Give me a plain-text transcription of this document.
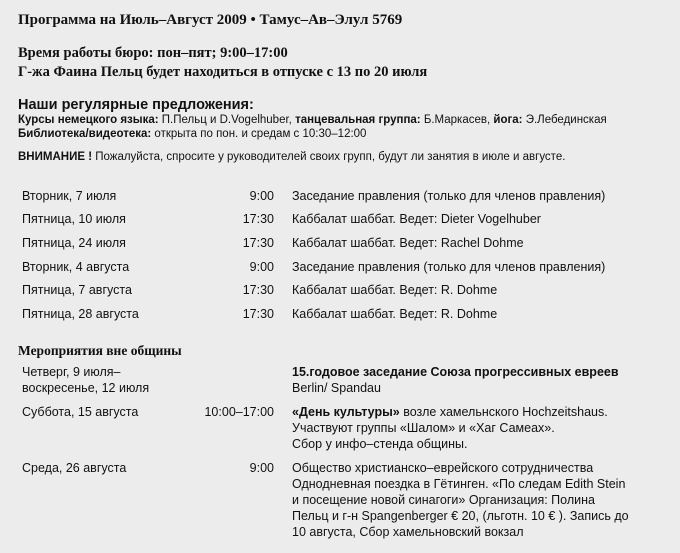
Программа на Июль–Август 2009 • Тамус–Ав–Элул 5769
Время работы бюро: пон–пят; 9:00–17:00
Г-жа Фаина Пельц будет находиться в отпуске с 13 по 20 июля
Наши регулярные предложения:
Курсы немецкого языка: П.Пельц и D.Vogelhuber, танцевальная группа: Б.Маркасев, йога: Э.Лебединская
Библиотека/видеотека: открыта по пон. и средам с 10:30–12:00
ВНИМАНИЕ ! Пожалуйста, спросите у руководителей своих групп, будут ли занятия в июле и августе.
Вторник, 7 июля	9:00 Заседание правления (только для членов правления)
Пятница, 10 июля	17:30 Каббалат шаббат. Ведет: Dieter Vogelhuber
Пятница, 24 июля	17:30 Каббалат шаббат. Ведет: Rachel Dohme
Вторник, 4 августа	9:00 Заседание правления (только для членов правления)
Пятница, 7 августа	17:30 Каббалат шаббат. Ведет: R. Dohme
Пятница, 28 августа	17:30 Каббалат шаббат. Ведет: R. Dohme
Мероприятия вне общины
Четверг, 9 июля–
воскресенье, 12 июля
15.годовое заседание Союза прогрессивных евреев
Berlin/ Spandau
Суббота, 15 августа	10:00–17:00 «День культуры» возле хамельнского Hochzeitshaus.
Участвуют группы «Шалом» и «Хаг Самеах».
Сбор у инфо–стенда общины.
Среда, 26 августа	9:00 Общество христианско–еврейского сотрудничества
Однодневная поездка в Гётинген. «По следам Edith Stein
и посещение новой синагоги» Организация: Полина
Пельц и г-н Spangenberger € 20, (льготн. 10 € ). Запись до
10 августа, Сбор хамельновский вокзал
